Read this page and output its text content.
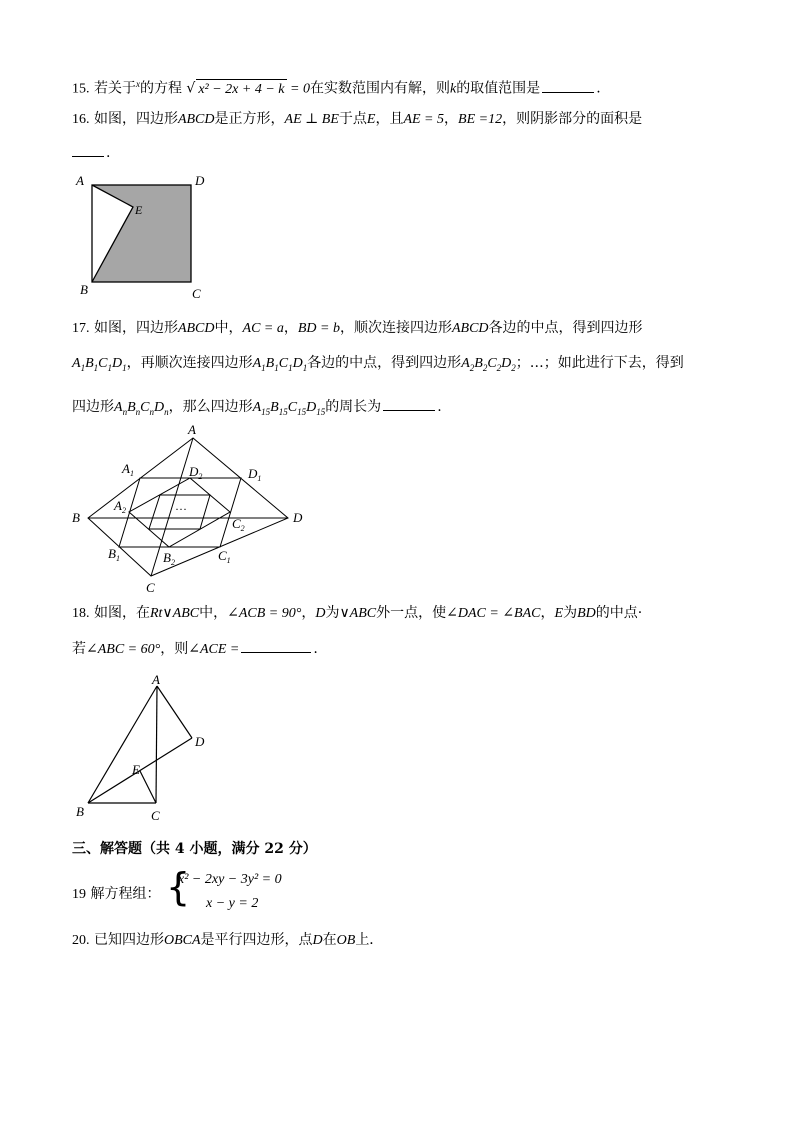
15. 若关于$^x$的方程 √ x² − 2x + 4 − k = 0在实数范围内有解，则k的取值范围是	.
16. 如图，四边形ABCD是正方形，AE ⊥ BE于点E，且AE = 5，BE =12，则阴影部分的面积是
.
A	D
E
B	C
17. 如图，四边形ABCD中，AC = a，BD = b，顺次连接四边形ABCD各边的中点，得到四边形
$A_1B_1C_1D_1$，再顺次连接四边形$A_1B_1C_1D_1$各边的中点，得到四边形$A_2B_2C_2D_2$；…；如此进行下去，得到
四边形$A_nB_nC_nD_n$，那么四边形$A_{15}B_{15}C_{15}D_{15}$的周长为	.
···
A
$A_1$	$D_2$	$D_1$
$A_2$
B	D
$C_2$
$B_1$	$B_2$	$C_1$
C
18. 如图，在Rt∨ABC中，∠ACB = 90°，D为∨ABC外一点，使∠DAC = ∠BAC，E为BD的中点·
若∠ABC = 60°，则∠ACE =	.
A
D
E
B	C
三、解答题（共 4 小题，满分 22 分）
19 解方程组： {
x² − 2xy − 3y² = 0
x − y = 2
20. 已知四边形OBCA是平行四边形，点D在OB上．
